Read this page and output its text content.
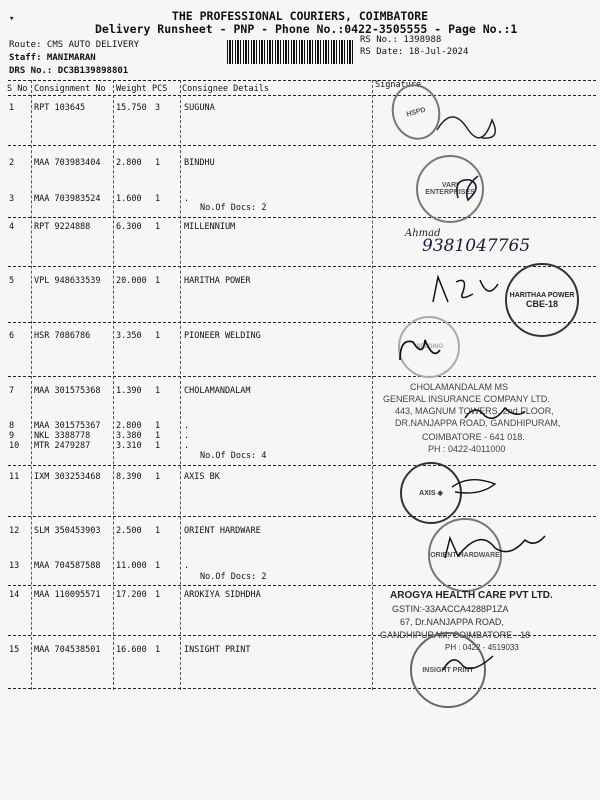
▾	THE PROFESSIONAL COURIERS, COIMBATORE
Delivery Runsheet - PNP - Phone No.:0422-3505555 - Page No.:1
Route: CMS AUTO DELIVERY
Staff: MANIMARAN
DRS No.: DC3B139898801
RS No.: 1398988
RS Date: 18-Jul-2024
S No Consignment No Weight PCS Consignee Details	Signature
1 RPT 103645	15.750 3	SUGUNA
2 MAA 703983404 2.800 1	BINDHU
3 MAA 703983524 1.600 1	.
No.Of Docs: 2
4 RPT 9224888	6.300 1	MILLENNIUM
5 VPL 948633539 20.000 1	HARITHA POWER
6 HSR 7086786	3.350 1	PIONEER WELDING
7 MAA 301575368 1.390 1	CHOLAMANDALAM
8 MAA 301575367 2.800 1	.
9 NKL 3388778	3.380 1	.
10 MTR 2479287	3.310 1	.
No.Of Docs: 4
11 IXM 303253468 8.390 1	AXIS BK
12 SLM 350453903 2.500 1	ORIENT HARDWARE
13 MAA 704587588 11.000 1	.
No.Of Docs: 2
14 MAA 110095571 17.200 1	AROKIYA SIDHDHA
15 MAA 704538501 16.600 1	INSIGHT PRINT
HSPD
VARI ENTERPRISES
Ahmad
9381047765
HARITHAA POWER
CBE-18
WELDING
CHOLAMANDALAM MS
GENERAL INSURANCE COMPANY LTD.
443, MAGNUM TOWERS, 2nd FLOOR,
DR.NANJAPPA ROAD, GANDHIPURAM,
COIMBATORE - 641 018.
PH : 0422-4011000
AXIS ◈
ORIENT HARDWARE
AROGYA HEALTH CARE PVT LTD.
GSTIN:-33AACCA4288P1ZA
67, Dr.NANJAPPA ROAD,
GANDHIPURAM, COIMBATORE - 18
PH : 0422 - 4519033
INSIGHT PRINT
